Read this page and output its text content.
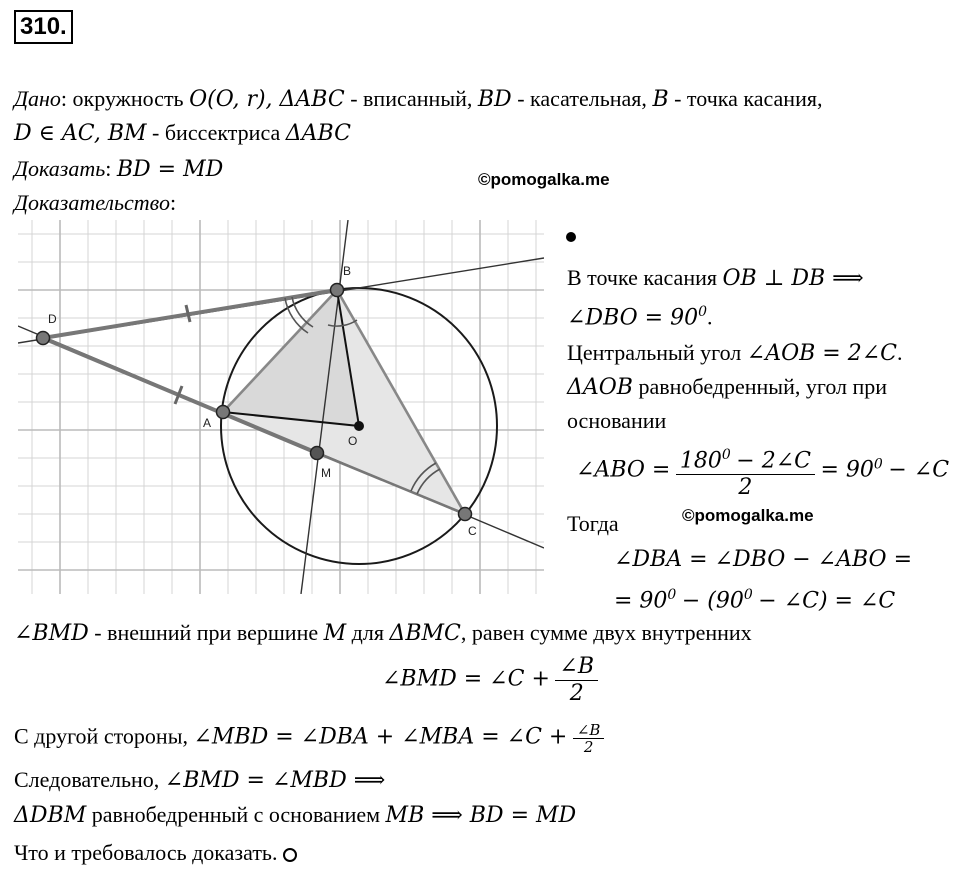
310.
Дано: окружность O(O, r), ΔABC - вписанный, BD - касательная, B - точка касания,
D ∈ AC, BM - биссектриса ΔABC
Доказать: BD = MD	©pomogalka.me
Доказательство:
D
B
A
O
M
C
В точке касания OB ⊥ DB ⟹
∠DBO = $90^0$.
Центральный угол ∠AOB = 2∠C.
ΔAOB равнобедренный, угол при
основании
∠ABO = $\frac{180^0 - 2\angle C}{2} = 90^0$ − ∠C
Тогда	©pomogalka.me
∠DBA = ∠DBO − ∠ABO =
= $90^0 - (90^0$ − ∠C) = ∠C
∠BMD - внешний при вершине M для ΔBMC, равен сумме двух внутренних
∠BMD = ∠C + $\frac{\angle B}{2}$
С другой стороны, ∠MBD = ∠DBA + ∠MBA = ∠C + $\frac{\angle B}{2}$
Следовательно, ∠BMD = ∠MBD ⟹
ΔDBM равнобедренный с основанием MB ⟹ BD = MD
Что и требовалось доказать.
